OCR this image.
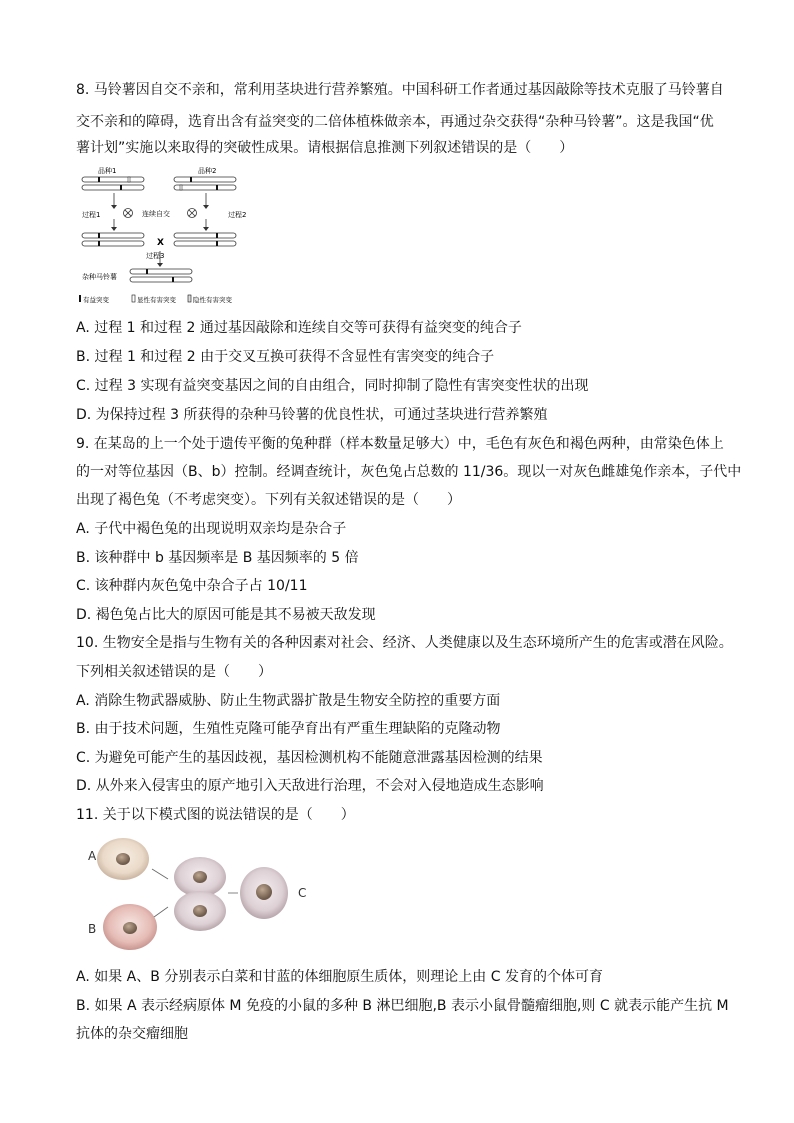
8. 马铃薯因自交不亲和，常利用茎块进行营养繁殖。中国科研工作者通过基因敲除等技术克服了马铃薯自
交不亲和的障碍，选育出含有益突变的二倍体植株做亲本，再通过杂交获得“杂种马铃薯”。这是我国“优
薯计划”实施以来取得的突破性成果。请根据信息推测下列叙述错误的是（　　）
品种1	品种2
过程1	连续自交	过程2
X
过程3
杂种马铃薯
有益突变	显性有害突变	隐性有害突变
A. 过程 1 和过程 2 通过基因敲除和连续自交等可获得有益突变的纯合子
B. 过程 1 和过程 2 由于交叉互换可获得不含显性有害突变的纯合子
C. 过程 3 实现有益突变基因之间的自由组合，同时抑制了隐性有害突变性状的出现
D. 为保持过程 3 所获得的杂种马铃薯的优良性状，可通过茎块进行营养繁殖
9. 在某岛的上一个处于遗传平衡的兔种群（样本数量足够大）中，毛色有灰色和褐色两种，由常染色体上
的一对等位基因（B、b）控制。经调查统计，灰色兔占总数的 11/36。现以一对灰色雌雄兔作亲本，子代中
出现了褐色兔（不考虑突变）。下列有关叙述错误的是（　　）
A. 子代中褐色兔的出现说明双亲均是杂合子
B. 该种群中 b 基因频率是 B 基因频率的 5 倍
C. 该种群内灰色兔中杂合子占 10/11
D. 褐色兔占比大的原因可能是其不易被天敌发现
10. 生物安全是指与生物有关的各种因素对社会、经济、人类健康以及生态环境所产生的危害或潜在风险。
下列相关叙述错误的是（　　）
A. 消除生物武器威胁、防止生物武器扩散是生物安全防控的重要方面
B. 由于技术问题，生殖性克隆可能孕育出有严重生理缺陷的克隆动物
C. 为避免可能产生的基因歧视，基因检测机构不能随意泄露基因检测的结果
D. 从外来入侵害虫的原产地引入天敌进行治理，不会对入侵地造成生态影响
11. 关于以下模式图的说法错误的是（　　）
A
B
C
A. 如果 A、B 分别表示白菜和甘蓝的体细胞原生质体，则理论上由 C 发育的个体可育
B. 如果 A 表示经病原体 M 免疫的小鼠的多种 B 淋巴细胞,B 表示小鼠骨髓瘤细胞,则 C 就表示能产生抗 M
抗体的杂交瘤细胞
